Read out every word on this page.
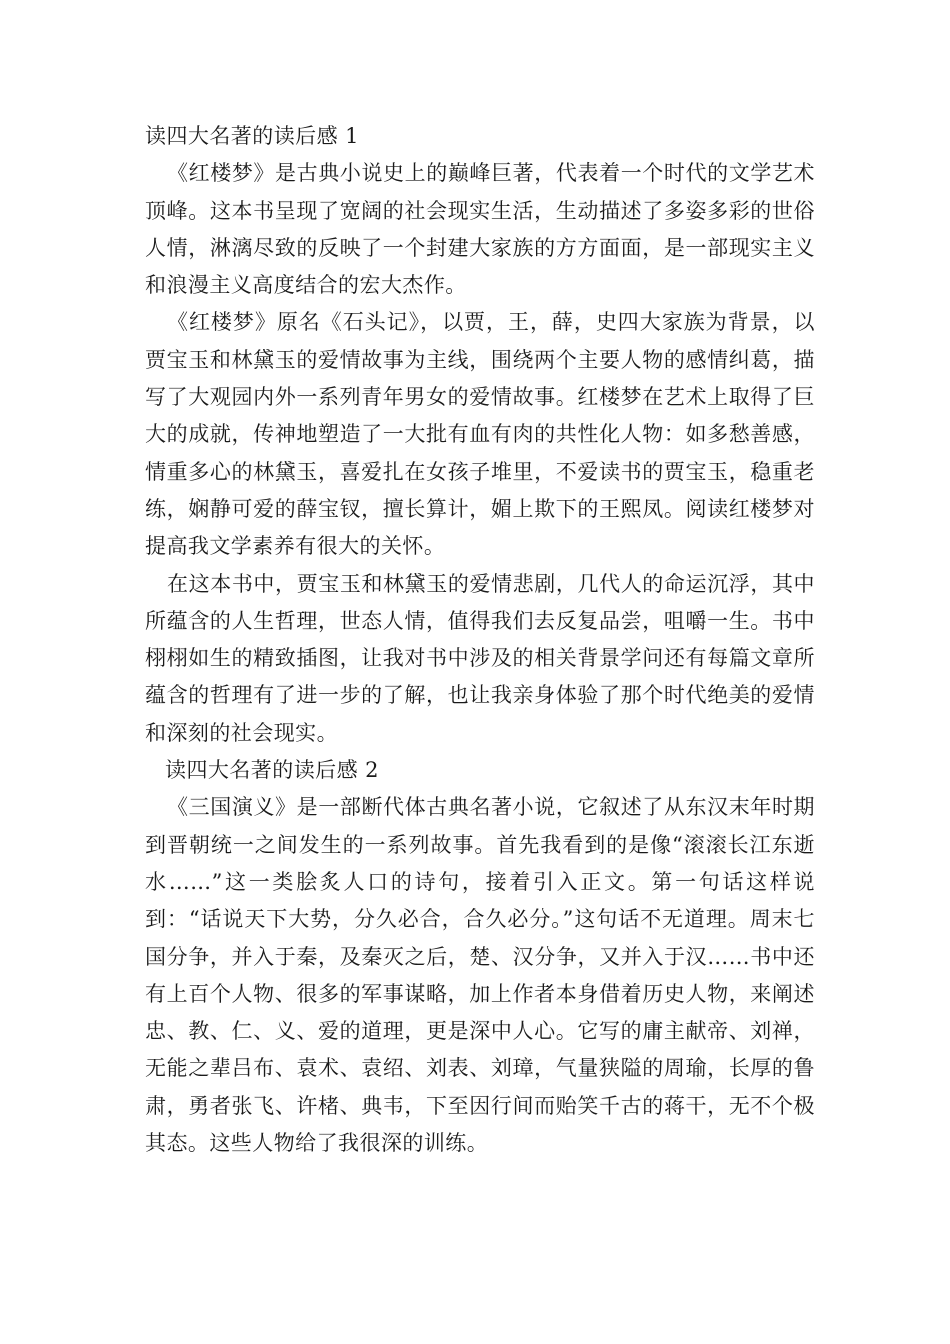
读四大名著的读后感 1

《红楼梦》是古典小说史上的巅峰巨著，代表着一个时代的文学艺术顶峰。这本书呈现了宽阔的社会现实生活，生动描述了多姿多彩的世俗人情，淋漓尽致的反映了一个封建大家族的方方面面，是一部现实主义和浪漫主义高度结合的宏大杰作。

《红楼梦》原名《石头记》，以贾，王，薛，史四大家族为背景，以贾宝玉和林黛玉的爱情故事为主线，围绕两个主要人物的感情纠葛，描写了大观园内外一系列青年男女的爱情故事。红楼梦在艺术上取得了巨大的成就，传神地塑造了一大批有血有肉的共性化人物：如多愁善感，情重多心的林黛玉，喜爱扎在女孩子堆里，不爱读书的贾宝玉，稳重老练，娴静可爱的薛宝钗，擅长算计，媚上欺下的王熙凤。阅读红楼梦对提高我文学素养有很大的关怀。

在这本书中，贾宝玉和林黛玉的爱情悲剧，几代人的命运沉浮，其中所蕴含的人生哲理，世态人情，值得我们去反复品尝，咀嚼一生。书中栩栩如生的精致插图，让我对书中涉及的相关背景学问还有每篇文章所蕴含的哲理有了进一步的了解，也让我亲身体验了那个时代绝美的爱情和深刻的社会现实。

读四大名著的读后感 2

《三国演义》是一部断代体古典名著小说，它叙述了从东汉末年时期到晋朝统一之间发生的一系列故事。首先我看到的是像“滚滚长江东逝水……”这一类脍炙人口的诗句，接着引入正文。第一句话这样说到：“话说天下大势，分久必合，合久必分。”这句话不无道理。周末七国分争，并入于秦，及秦灭之后，楚、汉分争，又并入于汉……书中还有上百个人物、很多的军事谋略，加上作者本身借着历史人物，来阐述忠、教、仁、义、爱的道理，更是深中人心。它写的庸主献帝、刘禅，无能之辈吕布、袁术、袁绍、刘表、刘璋，气量狭隘的周瑜，长厚的鲁肃，勇者张飞、许楮、典韦，下至因行间而贻笑千古的蒋干，无不个极其态。这些人物给了我很深的训练。
